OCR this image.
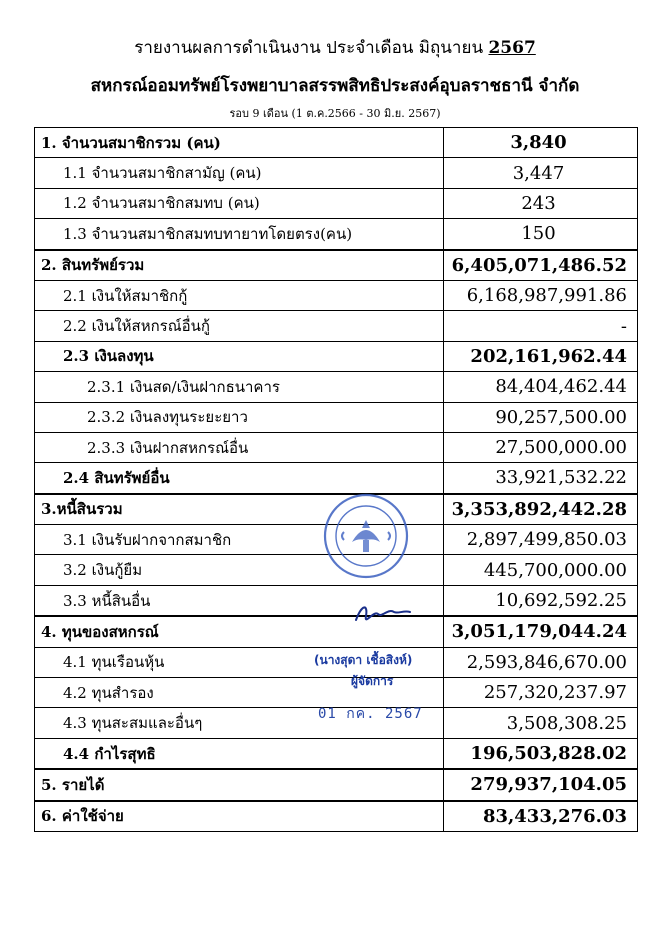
รายงานผลการดำเนินงาน ประจำเดือน มิถุนายน 2567
สหกรณ์ออมทรัพย์โรงพยาบาลสรรพสิทธิประสงค์อุบลราชธานี จำกัด
รอบ 9 เดือน (1 ต.ค.2566 - 30 มิ.ย. 2567)
1. จำนวนสมาชิกรวม (คน)	3,840
1.1 จำนวนสมาชิกสามัญ (คน)	3,447
1.2 จำนวนสมาชิกสมทบ (คน)	243
1.3 จำนวนสมาชิกสมทบทายาทโดยตรง(คน)	150
2. สินทรัพย์รวม	6,405,071,486.52
2.1 เงินให้สมาชิกกู้	6,168,987,991.86
2.2 เงินให้สหกรณ์อื่นกู้	-
2.3 เงินลงทุน	202,161,962.44
2.3.1 เงินสด/เงินฝากธนาคาร	84,404,462.44
2.3.2 เงินลงทุนระยะยาว	90,257,500.00
2.3.3 เงินฝากสหกรณ์อื่น	27,500,000.00
2.4 สินทรัพย์อื่น	33,921,532.22
3.หนี้สินรวม	3,353,892,442.28
3.1 เงินรับฝากจากสมาชิก	2,897,499,850.03
3.2 เงินกู้ยืม	445,700,000.00
3.3 หนี้สินอื่น	10,692,592.25
4. ทุนของสหกรณ์	3,051,179,044.24
4.1 ทุนเรือนหุ้น	2,593,846,670.00
4.2 ทุนสำรอง	257,320,237.97
4.3 ทุนสะสมและอื่นๆ	3,508,308.25
4.4 กำไรสุทธิ	196,503,828.02
5. รายได้	279,937,104.05
6. ค่าใช้จ่าย	83,433,276.03
(นางสุดา เชื้อสิงห์)
ผู้จัดการ
01 กค. 2567
